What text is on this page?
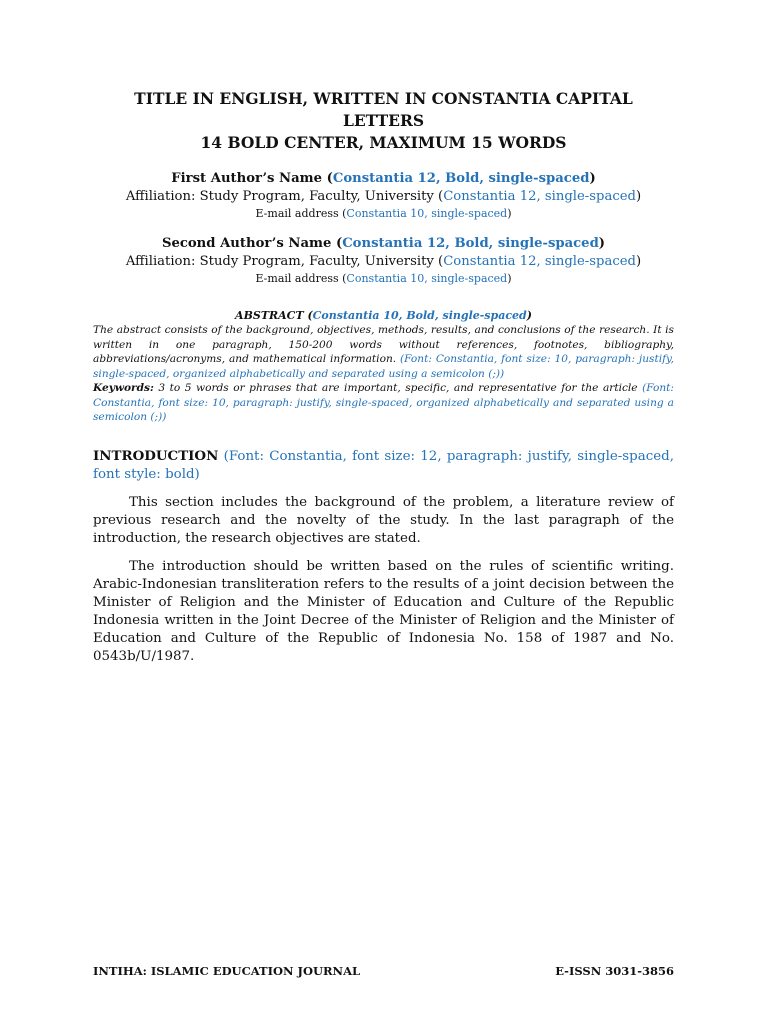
TITLE IN ENGLISH, WRITTEN IN CONSTANTIA CAPITAL LETTERS
14 BOLD CENTER, MAXIMUM 15 WORDS
First Author’s Name (Constantia 12, Bold, single-spaced)
Affiliation: Study Program, Faculty, University (Constantia 12, single-spaced)
E-mail address (Constantia 10, single-spaced)
Second Author’s Name (Constantia 12, Bold, single-spaced)
Affiliation: Study Program, Faculty, University (Constantia 12, single-spaced)
E-mail address (Constantia 10, single-spaced)
ABSTRACT (Constantia 10, Bold, single-spaced)
The abstract consists of the background, objectives, methods, results, and conclusions of the research. It is written in one paragraph, 150-200 words without references, footnotes, bibliography, abbreviations/acronyms, and mathematical information. (Font: Constantia, font size: 10, paragraph: justify, single-spaced, organized alphabetically and separated using a semicolon (;))
Keywords: 3 to 5 words or phrases that are important, specific, and representative for the article (Font: Constantia, font size: 10, paragraph: justify, single-spaced, organized alphabetically and separated using a semicolon (;))
INTRODUCTION (Font: Constantia, font size: 12, paragraph: justify, single-spaced, font style: bold)
This section includes the background of the problem, a literature review of previous research and the novelty of the study. In the last paragraph of the introduction, the research objectives are stated.
The introduction should be written based on the rules of scientific writing. Arabic-Indonesian transliteration refers to the results of a joint decision between the Minister of Religion and the Minister of Education and Culture of the Republic Indonesia written in the Joint Decree of the Minister of Religion and the Minister of Education and Culture of the Republic of Indonesia No. 158 of 1987 and No. 0543b/U/1987.
INTIHA: ISLAMIC EDUCATION JOURNAL	E-ISSN 3031-3856
